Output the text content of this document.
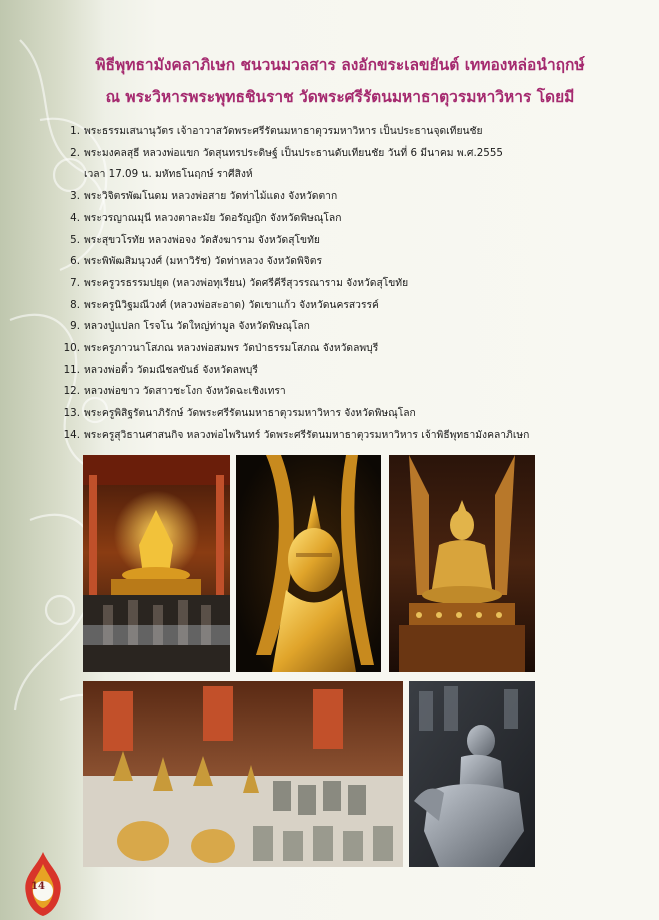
พิธีพุทธามังคลาภิเษก ชนวนมวลสาร ลงอักขระเลขยันต์ เททองหล่อนำฤกษ์
ณ พระวิหารพระพุทธชินราช วัดพระศรีรัตนมหาธาตุวรมหาวิหาร โดยมี
1. พระธรรมเสนานุวัตร เจ้าอาวาสวัดพระศรีรัตนมหาธาตุวรมหาวิหาร เป็นประธานจุดเทียนชัย
2. พระมงคลสุธี หลวงพ่อแขก วัดสุนทรประดิษฐ์ เป็นประธานดับเทียนชัย วันที่ 6 มีนาคม พ.ศ.2555
เวลา 17.09 น. มหัทธโนฤกษ์ ราศีสิงห์
3. พระวิจิตรพัฒโนดม หลวงพ่อสาย วัดท่าไม้แดง จังหวัดตาก
4. พระวรญาณมุนี หลวงตาละมัย วัดอรัญญิก จังหวัดพิษณุโลก
5. พระสุขวโรทัย หลวงพ่อจง วัดสังฆาราม จังหวัดสุโขทัย
6. พระพิพัฒสิมนุวงศ์ (มหาวิรัช) วัดท่าหลวง จังหวัดพิจิตร
7. พระครูวรธรรมปยุต (หลวงพ่อทุเรียน) วัดศรีคีรีสุวรรณาราม จังหวัดสุโขทัย
8. พระครูนิวิฐมณีวงศ์ (หลวงพ่อสะอาด) วัดเขาแก้ว จังหวัดนครสวรรค์
9. หลวงปู่แปลก โรจโน วัดใหญ่ท่ามูล จังหวัดพิษณุโลก
10. พระครูภาวนาโสภณ หลวงพ่อสมพร วัดป่าธรรมโสภณ จังหวัดลพบุรี
11. หลวงพ่อติ๋ว วัดมณีชลขันธ์ จังหวัดลพบุรี
12. หลวงพ่อขาว วัดสาวชะโงก จังหวัดฉะเชิงเทรา
13. พระครูพิสิฐรัตนาภิรักษ์ วัดพระศรีรัตนมหาธาตุวรมหาวิหาร จังหวัดพิษณุโลก
14. พระครูสุวิธานศาสนกิจ หลวงพ่อไพรินทร์ วัดพระศรีรัตนมหาธาตุวรมหาวิหาร เจ้าพิธีพุทธามังคลาภิเษก
14
